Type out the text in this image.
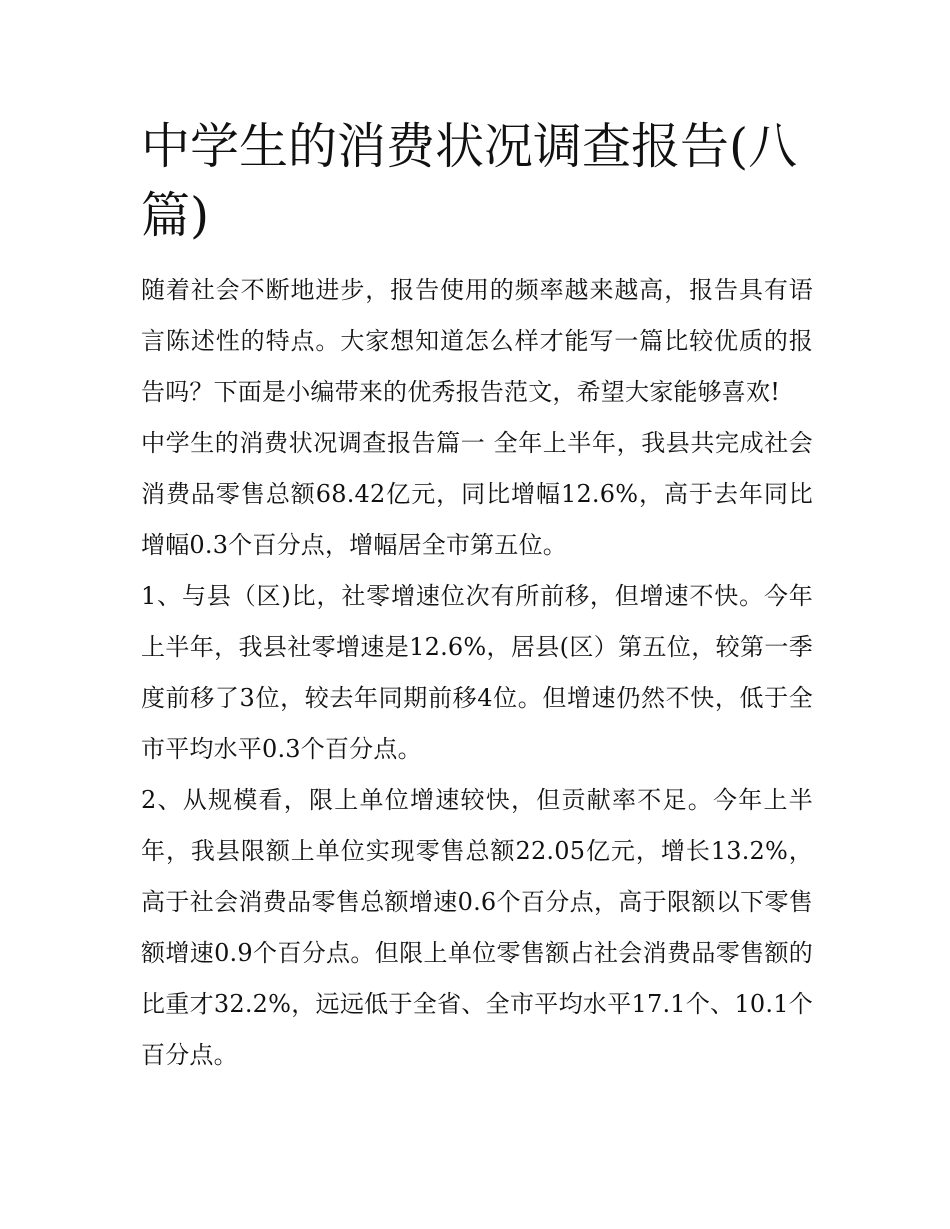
中学生的消费状况调查报告(八篇)

随着社会不断地进步，报告使用的频率越来越高，报告具有语言陈述性的特点。大家想知道怎么样才能写一篇比较优质的报告吗？下面是小编带来的优秀报告范文，希望大家能够喜欢!

中学生的消费状况调查报告篇一 全年上半年，我县共完成社会消费品零售总额68.42亿元，同比增幅12.6%，高于去年同比增幅0.3个百分点，增幅居全市第五位。

1、与县（区)比，社零增速位次有所前移，但增速不快。今年上半年，我县社零增速是12.6%，居县(区）第五位，较第一季度前移了3位，较去年同期前移4位。但增速仍然不快，低于全市平均水平0.3个百分点。

2、从规模看，限上单位增速较快，但贡献率不足。今年上半年，我县限额上单位实现零售总额22.05亿元，增长13.2%，高于社会消费品零售总额增速0.6个百分点，高于限额以下零售额增速0.9个百分点。但限上单位零售额占社会消费品零售额的比重才32.2%，远远低于全省、全市平均水平17.1个、10.1个百分点。
